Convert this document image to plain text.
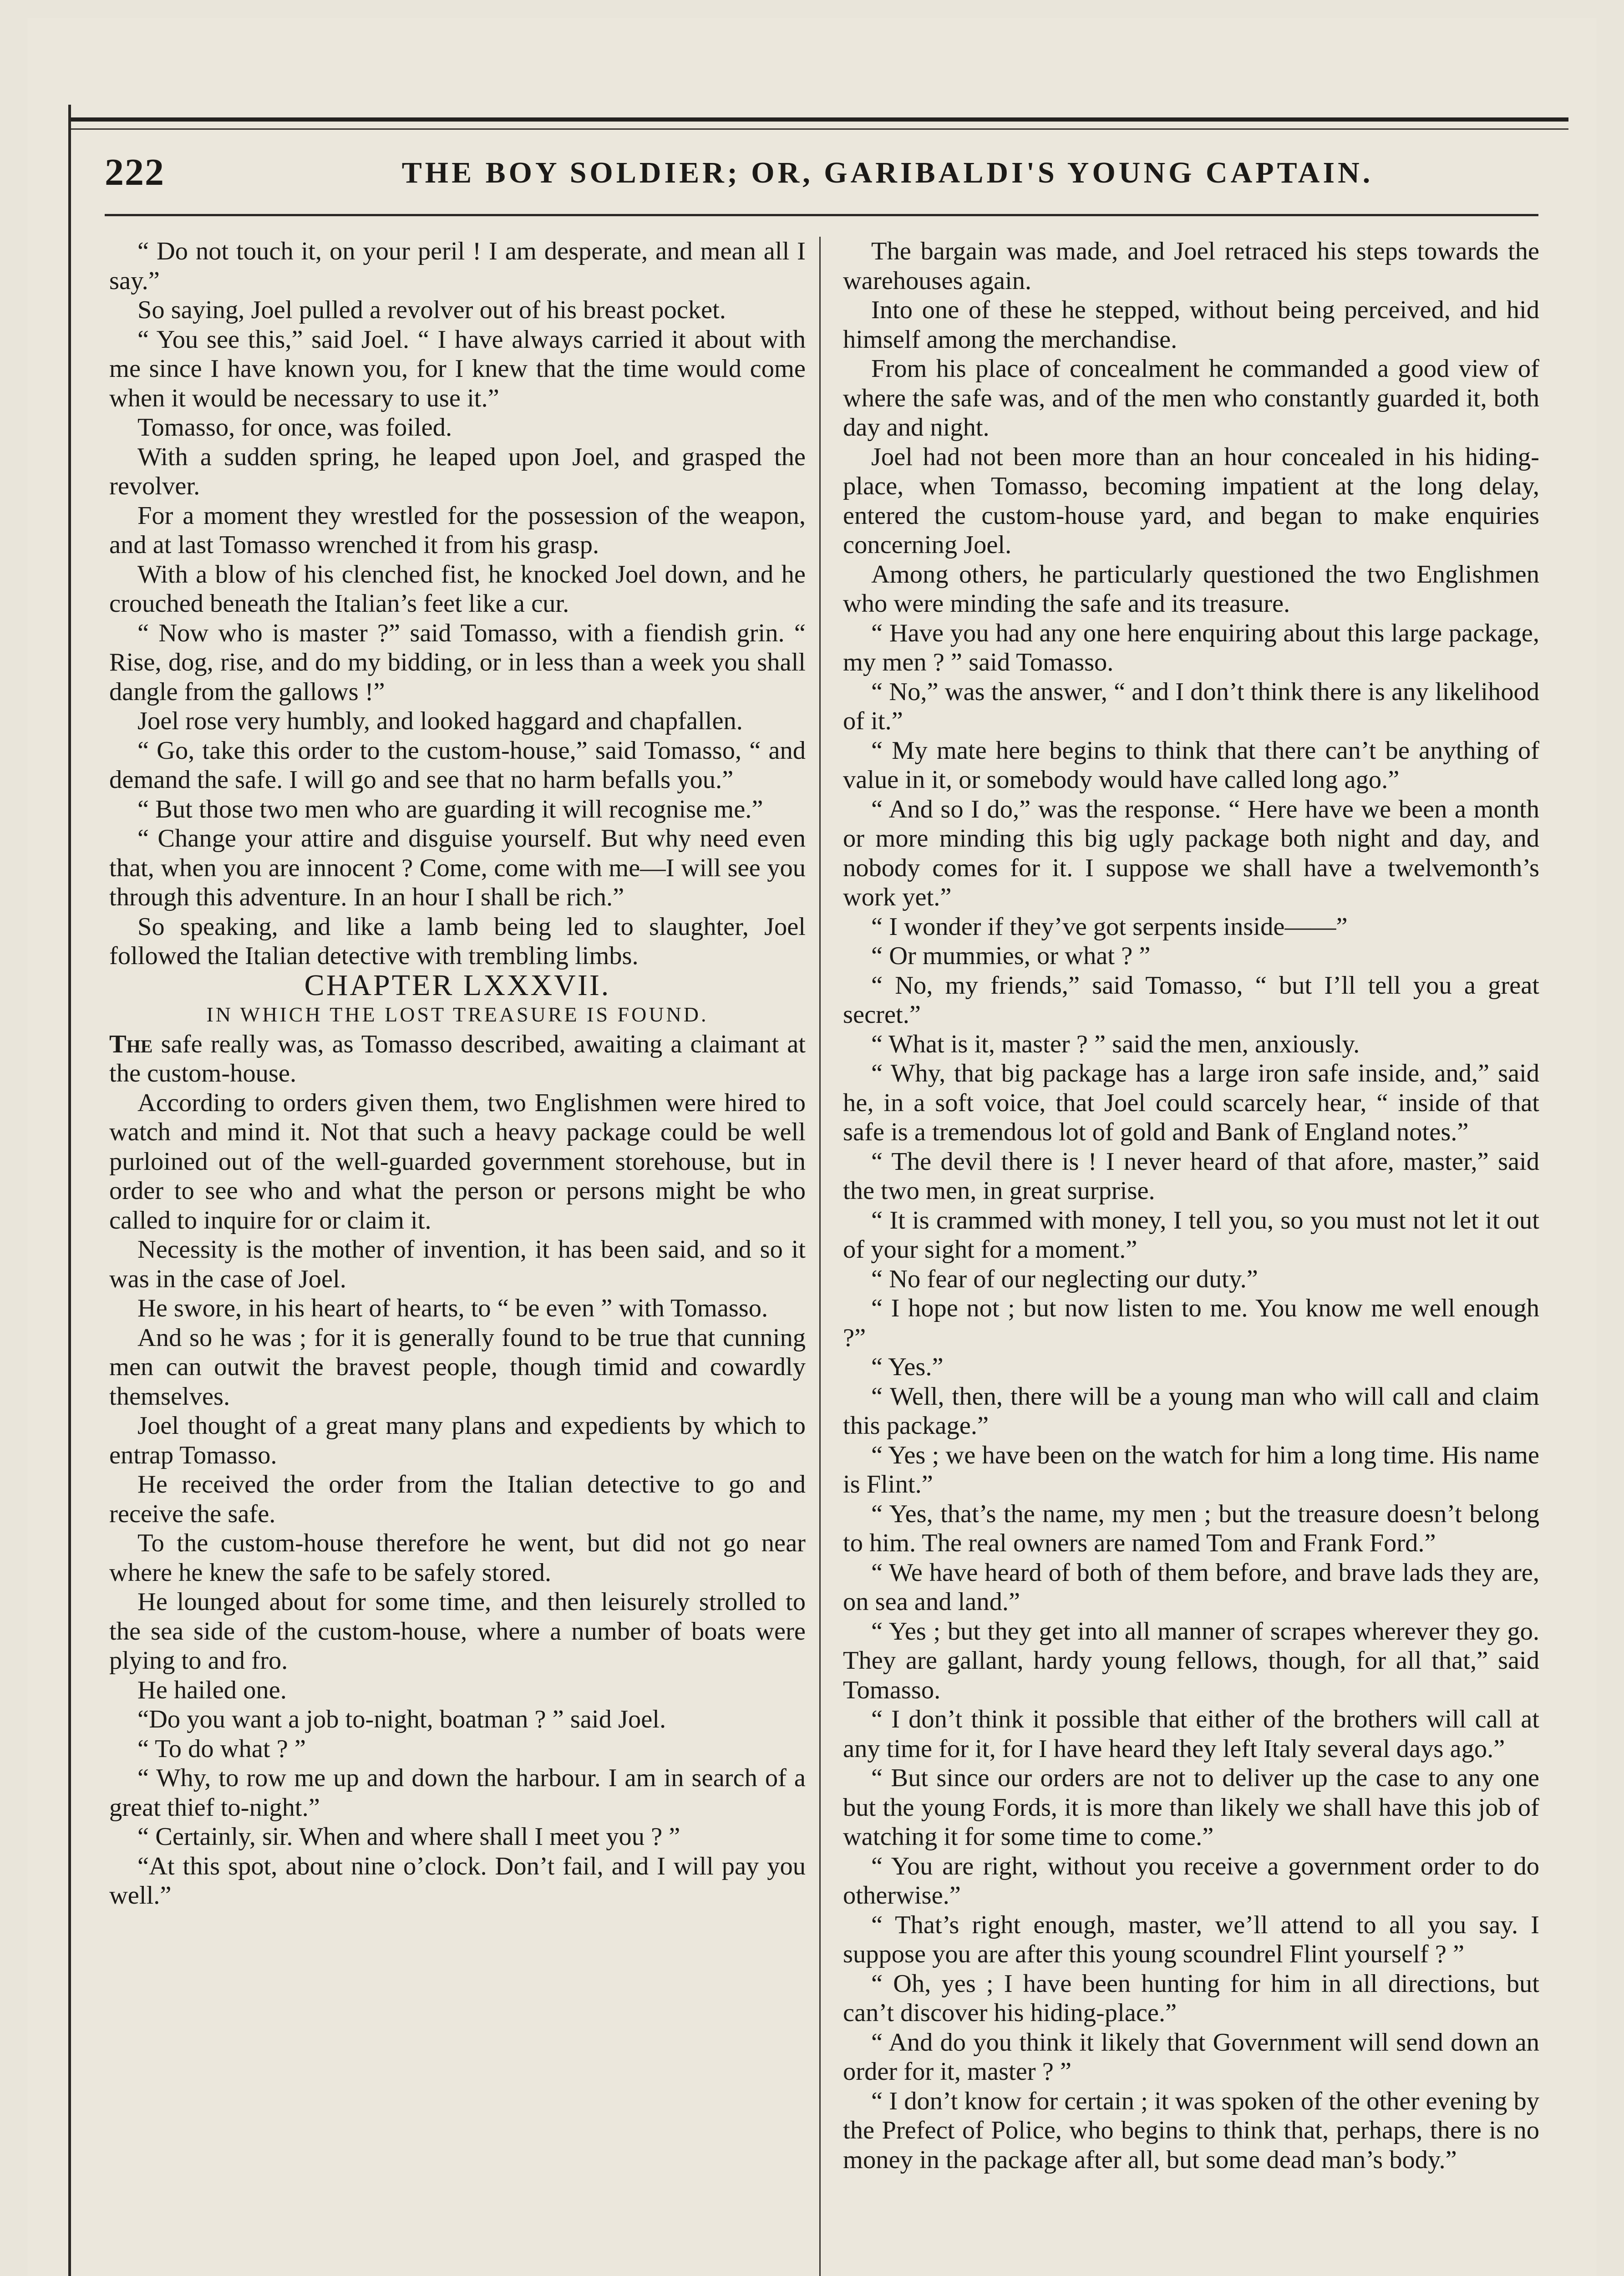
222	THE BOY SOLDIER; OR, GARIBALDI'S YOUNG CAPTAIN.

“ Do not touch it, on your peril ! I am desperate, and mean all I say.”

So saying, Joel pulled a revolver out of his breast pocket.

“ You see this,” said Joel. “ I have always carried it about with me since I have known you, for I knew that the time would come when it would be necessary to use it.”

Tomasso, for once, was foiled.

With a sudden spring, he leaped upon Joel, and grasped the revolver.

For a moment they wrestled for the possession of the weapon, and at last Tomasso wrenched it from his grasp.

With a blow of his clenched fist, he knocked Joel down, and he crouched beneath the Italian’s feet like a cur.

“ Now who is master ?” said Tomasso, with a fiendish grin. “ Rise, dog, rise, and do my bidding, or in less than a week you shall dangle from the gallows !”

Joel rose very humbly, and looked haggard and chapfallen.

“ Go, take this order to the custom-house,” said Tomasso, “ and demand the safe. I will go and see that no harm befalls you.”

“ But those two men who are guarding it will recognise me.”

“ Change your attire and disguise yourself. But why need even that, when you are innocent ? Come, come with me—I will see you through this adventure. In an hour I shall be rich.”

So speaking, and like a lamb being led to slaughter, Joel followed the Italian detective with trembling limbs.

CHAPTER LXXXVII.

IN WHICH THE LOST TREASURE IS FOUND.

The safe really was, as Tomasso described, awaiting a claimant at the custom-house.

According to orders given them, two Englishmen were hired to watch and mind it. Not that such a heavy package could be well purloined out of the well-guarded government storehouse, but in order to see who and what the person or persons might be who called to inquire for or claim it.

Necessity is the mother of invention, it has been said, and so it was in the case of Joel.

He swore, in his heart of hearts, to “ be even ” with Tomasso.

And so he was ; for it is generally found to be true that cunning men can outwit the bravest people, though timid and cowardly themselves.

Joel thought of a great many plans and expedients by which to entrap Tomasso.

He received the order from the Italian detective to go and receive the safe.

To the custom-house therefore he went, but did not go near where he knew the safe to be safely stored.

He lounged about for some time, and then leisurely strolled to the sea side of the custom-house, where a number of boats were plying to and fro.

He hailed one.

“Do you want a job to-night, boatman ? ” said Joel.

“ To do what ? ”

“ Why, to row me up and down the harbour. I am in search of a great thief to-night.”

“ Certainly, sir. When and where shall I meet you ? ”

“At this spot, about nine o’clock. Don’t fail, and I will pay you well.”

The bargain was made, and Joel retraced his steps towards the warehouses again.

Into one of these he stepped, without being perceived, and hid himself among the merchandise.

From his place of concealment he commanded a good view of where the safe was, and of the men who constantly guarded it, both day and night.

Joel had not been more than an hour concealed in his hiding-place, when Tomasso, becoming impatient at the long delay, entered the custom-house yard, and began to make enquiries concerning Joel.

Among others, he particularly questioned the two Englishmen who were minding the safe and its treasure.

“ Have you had any one here enquiring about this large package, my men ? ” said Tomasso.

“ No,” was the answer, “ and I don’t think there is any likelihood of it.”

“ My mate here begins to think that there can’t be anything of value in it, or somebody would have called long ago.”

“ And so I do,” was the response. “ Here have we been a month or more minding this big ugly package both night and day, and nobody comes for it. I suppose we shall have a twelvemonth’s work yet.”

“ I wonder if they’ve got serpents inside——”

“ Or mummies, or what ? ”

“ No, my friends,” said Tomasso, “ but I’ll tell you a great secret.”

“ What is it, master ? ” said the men, anxiously.

“ Why, that big package has a large iron safe inside, and,” said he, in a soft voice, that Joel could scarcely hear, “ inside of that safe is a tremendous lot of gold and Bank of England notes.”

“ The devil there is ! I never heard of that afore, master,” said the two men, in great surprise.

“ It is crammed with money, I tell you, so you must not let it out of your sight for a moment.”

“ No fear of our neglecting our duty.”

“ I hope not ; but now listen to me. You know me well enough ?”

“ Yes.”

“ Well, then, there will be a young man who will call and claim this package.”

“ Yes ; we have been on the watch for him a long time. His name is Flint.”

“ Yes, that’s the name, my men ; but the treasure doesn’t belong to him. The real owners are named Tom and Frank Ford.”

“ We have heard of both of them before, and brave lads they are, on sea and land.”

“ Yes ; but they get into all manner of scrapes wherever they go. They are gallant, hardy young fellows, though, for all that,” said Tomasso.

“ I don’t think it possible that either of the brothers will call at any time for it, for I have heard they left Italy several days ago.”

“ But since our orders are not to deliver up the case to any one but the young Fords, it is more than likely we shall have this job of watching it for some time to come.”

“ You are right, without you receive a government order to do otherwise.”

“ That’s right enough, master, we’ll attend to all you say. I suppose you are after this young scoundrel Flint yourself ? ”

“ Oh, yes ; I have been hunting for him in all directions, but can’t discover his hiding-place.”

“ And do you think it likely that Government will send down an order for it, master ? ”

“ I don’t know for certain ; it was spoken of the other evening by the Prefect of Police, who begins to think that, perhaps, there is no money in the package after all, but some dead man’s body.”
